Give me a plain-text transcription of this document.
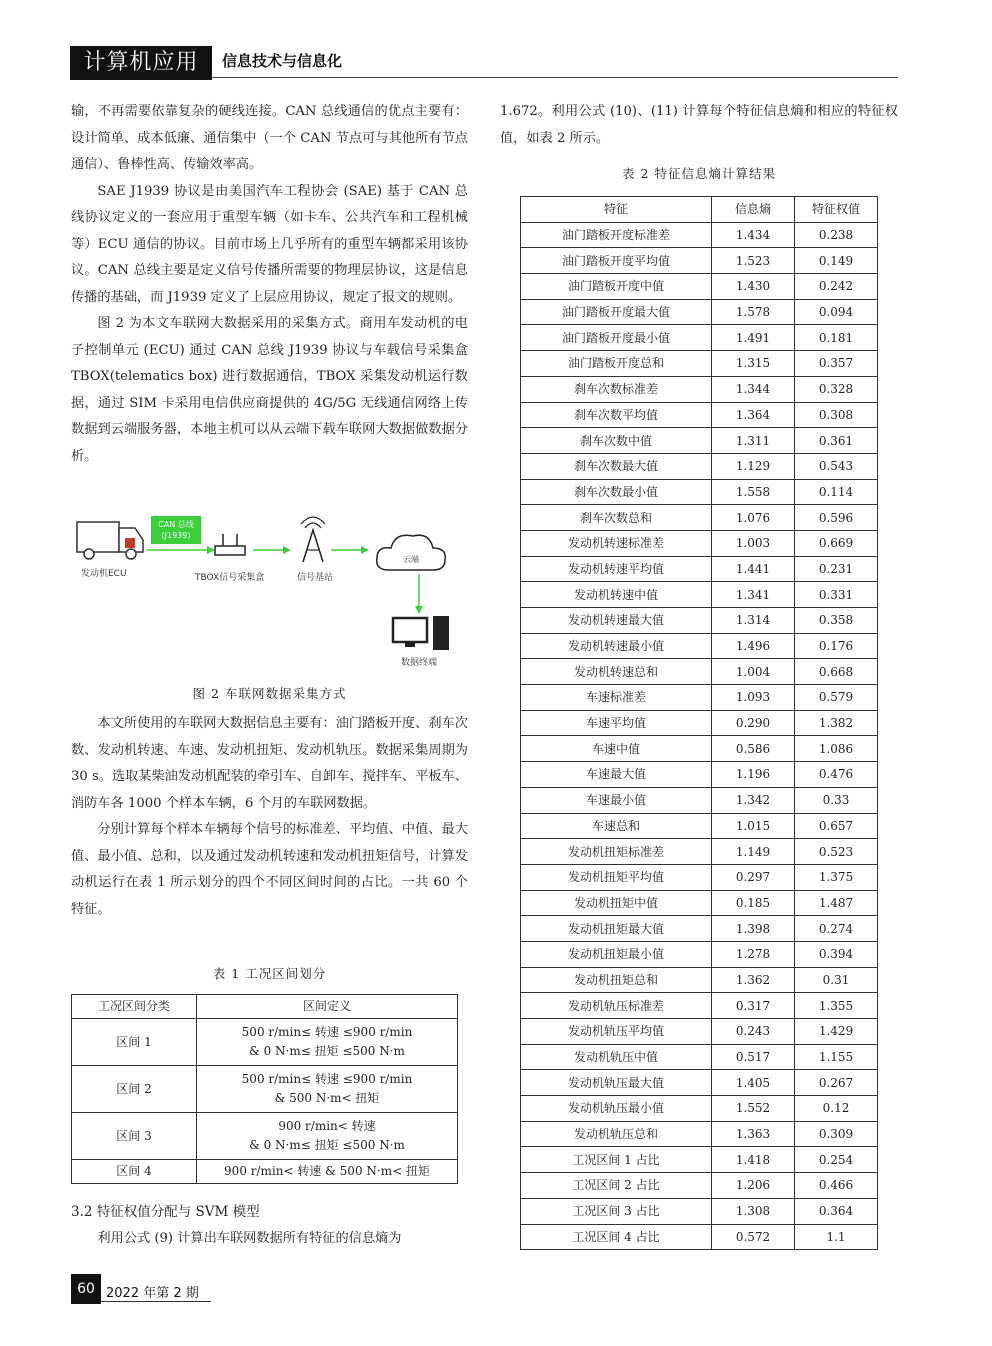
计算机应用	信息技术与信息化

输，不再需要依靠复杂的硬线连接。CAN 总线通信的优点主要有：设计简单、成本低廉、通信集中（一个 CAN 节点可与其他所有节点通信）、鲁棒性高、传输效率高。

SAE J1939 协议是由美国汽车工程协会 (SAE) 基于 CAN 总线协议定义的一套应用于重型车辆（如卡车、公共汽车和工程机械等）ECU 通信的协议。目前市场上几乎所有的重型车辆都采用该协议。CAN 总线主要是定义信号传播所需要的物理层协议，这是信息传播的基础，而 J1939 定义了上层应用协议，规定了报文的规则。

图 2 为本文车联网大数据采用的采集方式。商用车发动机的电子控制单元 (ECU) 通过 CAN 总线 J1939 协议与车载信号采集盒 TBOX(telematics box) 进行数据通信，TBOX 采集发动机运行数据，通过 SIM 卡采用电信供应商提供的 4G/5G 无线通信网络上传数据到云端服务器，本地主机可以从云端下载车联网大数据做数据分析。

发动机ECU
CAN 总线
(J1939)
TBOX信号采集盒	信号基站
云端
数据终端
图 2 车联网数据采集方式

本文所使用的车联网大数据信息主要有：油门踏板开度、刹车次数、发动机转速、车速、发动机扭矩、发动机轨压。数据采集周期为 30 s。选取某柴油发动机配装的牵引车、自卸车、搅拌车、平板车、消防车各 1000 个样本车辆，6 个月的车联网数据。

分别计算每个样本车辆每个信号的标准差、平均值、中值、最大值、最小值、总和，以及通过发动机转速和发动机扭矩信号，计算发动机运行在表 1 所示划分的四个不同区间时间的占比。一共 60 个特征。

表 1 工况区间划分
工况区间分类	区间定义
区间 1	500 r/min≤ 转速 ≤900 r/min
& 0 N·m≤ 扭矩 ≤500 N·m

区间 2	500 r/min≤ 转速 ≤900 r/min
& 500 N·m< 扭矩

区间 3	900 r/min< 转速
& 0 N·m≤ 扭矩 ≤500 N·m

区间 4	900 r/min< 转速 & 500 N·m< 扭矩
3.2 特征权值分配与 SVM 模型
利用公式 (9) 计算出车联网数据所有特征的信息熵为

1.672。利用公式 (10)、(11) 计算每个特征信息熵和相应的特征权值，如表 2 所示。

表 2 特征信息熵计算结果
特征	信息熵	特征权值
油门踏板开度标准差	1.434	0.238
油门踏板开度平均值	1.523	0.149
油门踏板开度中值	1.430	0.242
油门踏板开度最大值	1.578	0.094
油门踏板开度最小值	1.491	0.181
油门踏板开度总和	1.315	0.357
刹车次数标准差	1.344	0.328
刹车次数平均值	1.364	0.308
刹车次数中值	1.311	0.361
刹车次数最大值	1.129	0.543
刹车次数最小值	1.558	0.114
刹车次数总和	1.076	0.596
发动机转速标准差	1.003	0.669
发动机转速平均值	1.441	0.231
发动机转速中值	1.341	0.331
发动机转速最大值	1.314	0.358
发动机转速最小值	1.496	0.176
发动机转速总和	1.004	0.668
车速标准差	1.093	0.579
车速平均值	0.290	1.382
车速中值	0.586	1.086
车速最大值	1.196	0.476
车速最小值	1.342	0.33
车速总和	1.015	0.657
发动机扭矩标准差	1.149	0.523
发动机扭矩平均值	0.297	1.375
发动机扭矩中值	0.185	1.487
发动机扭矩最大值	1.398	0.274
发动机扭矩最小值	1.278	0.394
发动机扭矩总和	1.362	0.31
发动机轨压标准差	0.317	1.355
发动机轨压平均值	0.243	1.429
发动机轨压中值	0.517	1.155
发动机轨压最大值	1.405	0.267
发动机轨压最小值	1.552	0.12
发动机轨压总和	1.363	0.309
工况区间 1 占比	1.418	0.254
工况区间 2 占比	1.206	0.466
工况区间 3 占比	1.308	0.364
工况区间 4 占比	0.572	1.1
60 2022 年第 2 期
